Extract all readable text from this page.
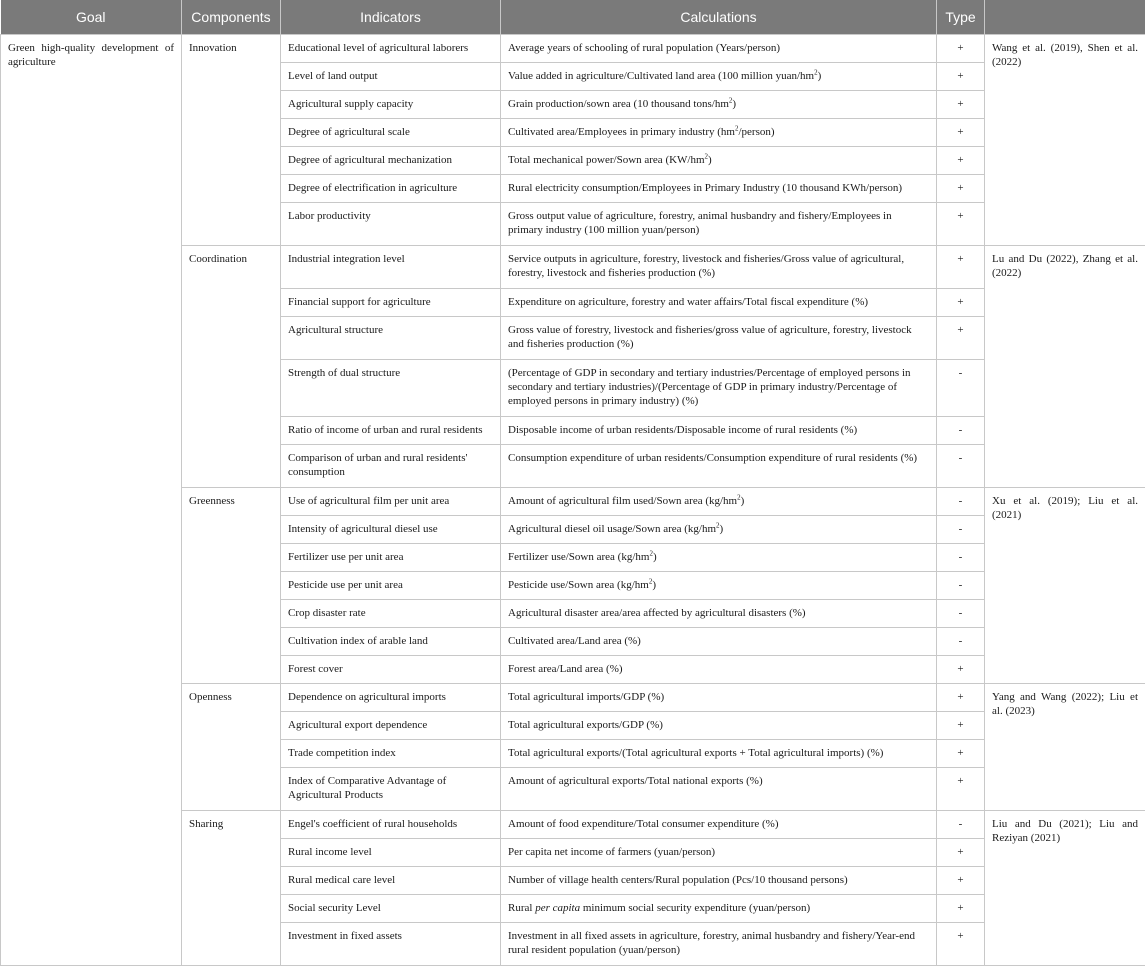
Goal	Components	Indicators	Calculations	Type	
Green high-quality development of agriculture	Innovation	Educational level of agricultural laborers	Average years of schooling of rural population (Years/person)	+	Wang et al. (2019), Shen et al. (2022)
		Level of land output	Value added in agriculture/Cultivated land area (100 million yuan/$hm^2$)	+	
		Agricultural supply capacity	Grain production/sown area (10 thousand tons/$hm^2$)	+	
		Degree of agricultural scale	Cultivated area/Employees in primary industry $(hm^2/person)$	+	
		Degree of agricultural mechanization	Total mechanical power/Sown area $(KW/hm^2)$	+	
		Degree of electrification in agriculture	Rural electricity consumption/Employees in Primary Industry (10 thousand KWh/person)	+	
		Labor productivity	Gross output value of agriculture, forestry, animal husbandry and fishery/Employees in primary industry (100 million yuan/person)	+	
	Coordination	Industrial integration level	Service outputs in agriculture, forestry, livestock and fisheries/Gross value of agricultural, forestry, livestock and fisheries production (%)	+	Lu and Du (2022), Zhang et al. (2022)
		Financial support for agriculture	Expenditure on agriculture, forestry and water affairs/Total fiscal expenditure (%)	+	
		Agricultural structure	Gross value of forestry, livestock and fisheries/gross value of agriculture, forestry, livestock and fisheries production (%)	+	
		Strength of dual structure	(Percentage of GDP in secondary and tertiary industries/Percentage of employed persons in secondary and tertiary industries)/(Percentage of GDP in primary industry/Percentage of employed persons in primary industry) (%)	-	
		Ratio of income of urban and rural residents	Disposable income of urban residents/Disposable income of rural residents (%)	-	
		Comparison of urban and rural residents' consumption	Consumption expenditure of urban residents/Consumption expenditure of rural residents (%)	-	
	Greenness	Use of agricultural film per unit area	Amount of agricultural film used/Sown area $(kg/hm^2)$	-	Xu et al. (2019); Liu et al. (2021)
		Intensity of agricultural diesel use	Agricultural diesel oil usage/Sown area $(kg/hm^2)$	-	
		Fertilizer use per unit area	Fertilizer use/Sown area $(kg/hm^2)$	-	
		Pesticide use per unit area	Pesticide use/Sown area $(kg/hm^2)$	-	
		Crop disaster rate	Agricultural disaster area/area affected by agricultural disasters (%)	-	
		Cultivation index of arable land	Cultivated area/Land area (%)	-	
		Forest cover	Forest area/Land area (%)	+	
	Openness	Dependence on agricultural imports	Total agricultural imports/GDP (%)	+	Yang and Wang (2022); Liu et al. (2023)
		Agricultural export dependence	Total agricultural exports/GDP (%)	+	
		Trade competition index	Total agricultural exports/(Total agricultural exports + Total agricultural imports) (%)	+	
		Index of Comparative Advantage of Agricultural Products	Amount of agricultural exports/Total national exports (%)	+	
	Sharing	Engel's coefficient of rural households	Amount of food expenditure/Total consumer expenditure (%)	-	Liu and Du (2021); Liu and Reziyan (2021)
		Rural income level	Per capita net income of farmers (yuan/person)	+	
		Rural medical care level	Number of village health centers/Rural population (Pcs/10 thousand persons)	+	
		Social security Level	Rural per capita minimum social security expenditure (yuan/person)	+	
		Investment in fixed assets	Investment in all fixed assets in agriculture, forestry, animal husbandry and fishery/Year-end rural resident population (yuan/person)	+	
